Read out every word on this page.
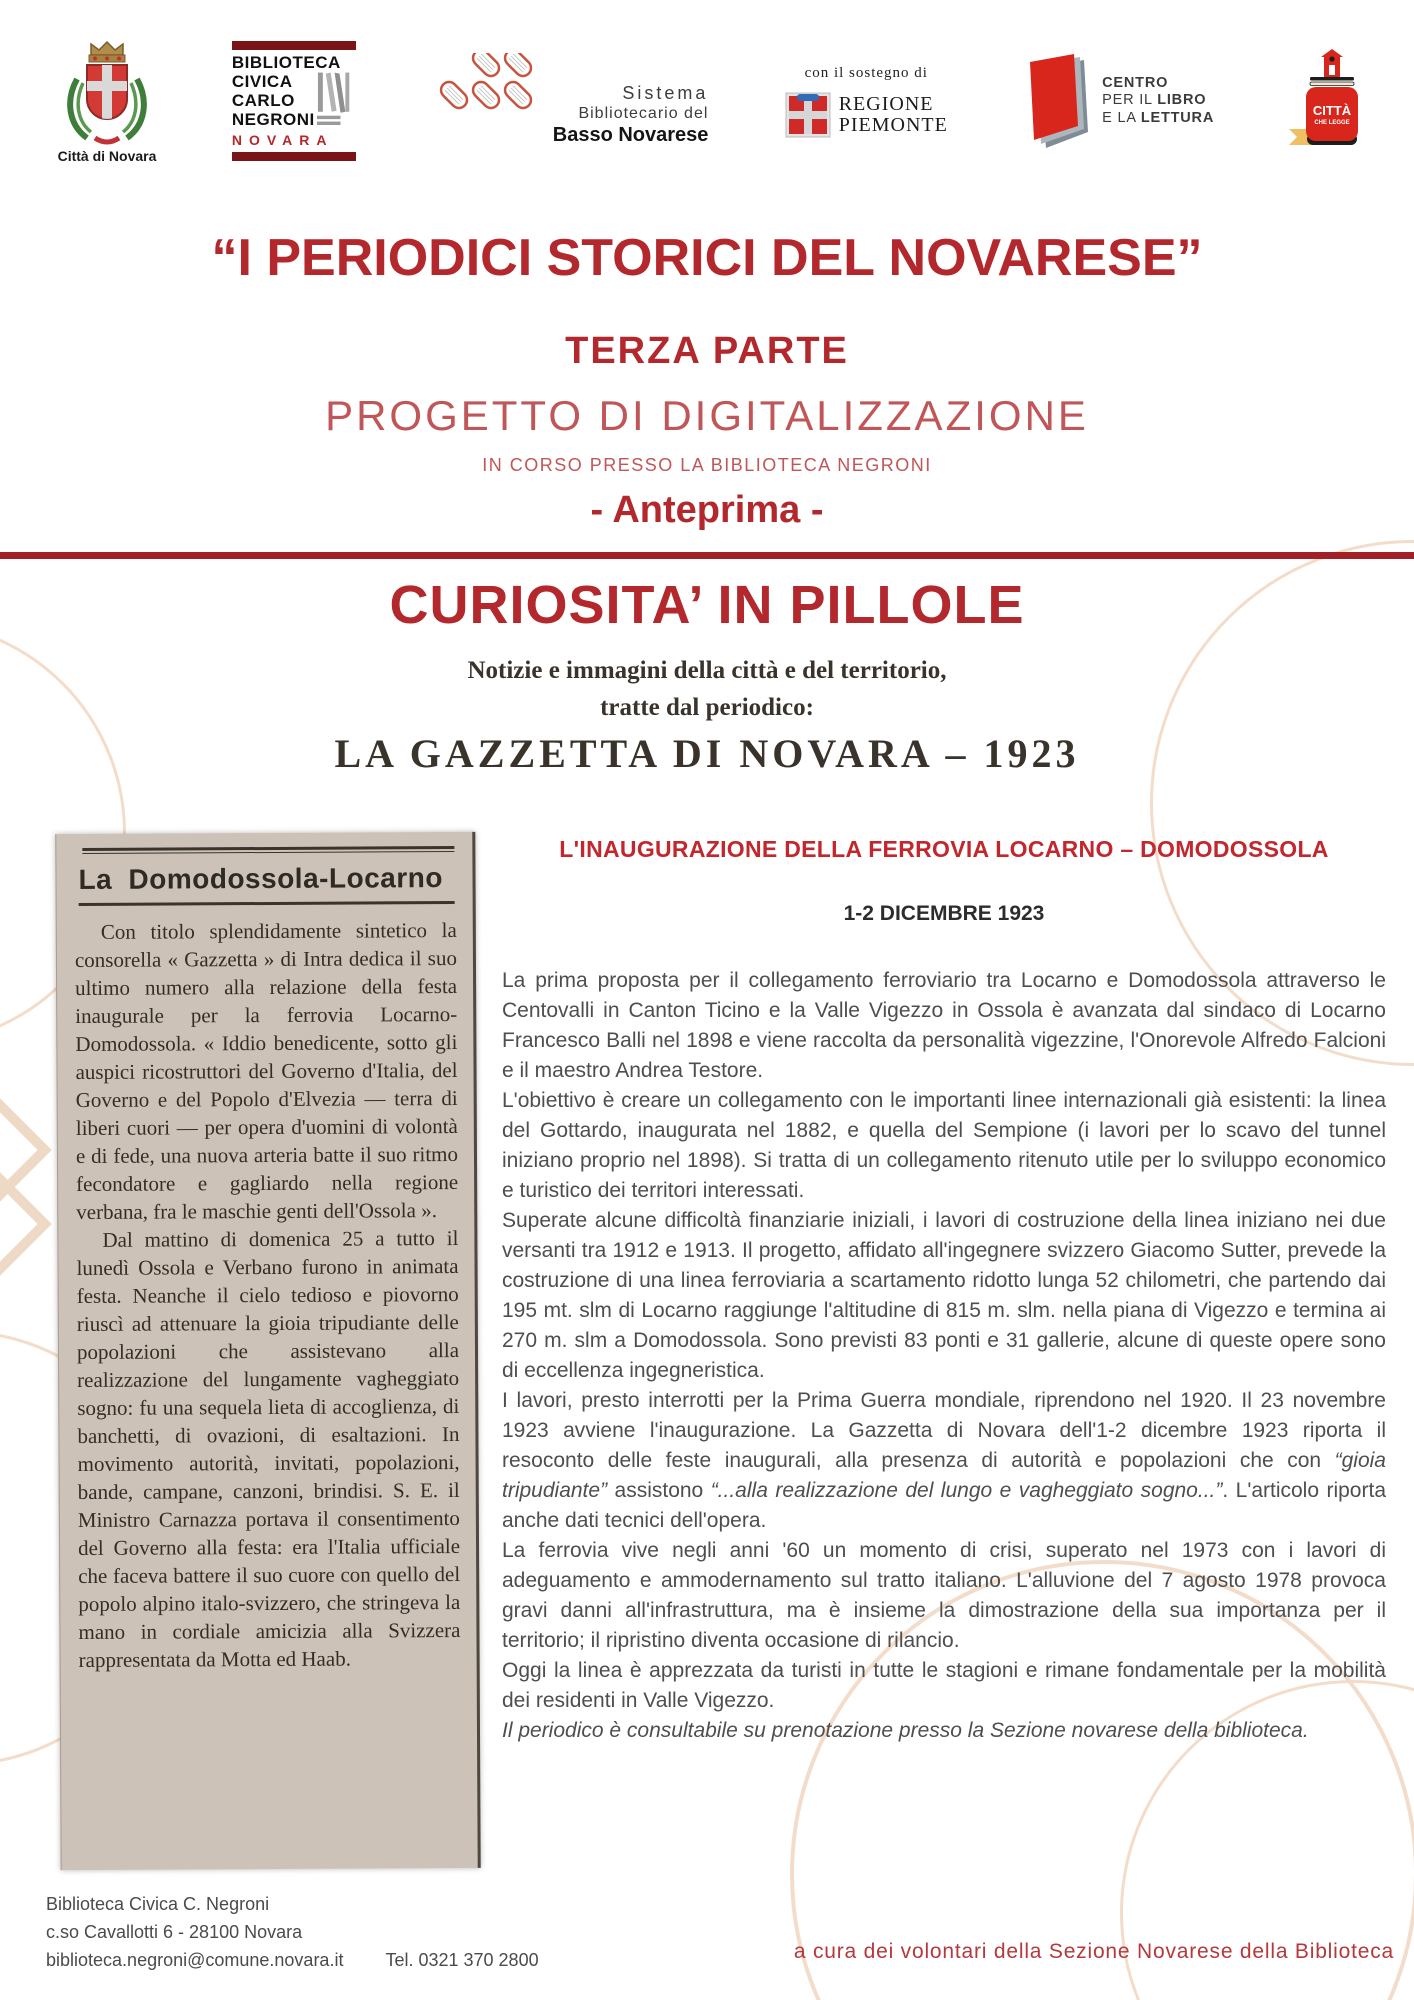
Città di Novara
BIBLIOTECA
CIVICA
CARLO
NEGRONI
NOVARA
Sistema
Bibliotecario del
Basso Novarese
con il sostegno di
REGIONE
PIEMONTE
CENTRO
PER IL LIBRO
E LA LETTURA	CITTÀ
CHE LEGGE
“I PERIODICI STORICI DEL NOVARESE”
TERZA PARTE
PROGETTO DI DIGITALIZZAZIONE
IN CORSO PRESSO LA BIBLIOTECA NEGRONI
- Anteprima -
CURIOSITA’ IN PILLOLE
Notizie e immagini della città e del territorio,
tratte dal periodico:
LA GAZZETTA DI NOVARA – 1923
La Domodossola-Locarno

Con titolo splendidamente sintetico la consorella « Gazzetta » di Intra dedica il suo ultimo numero alla relazione della festa inaugurale per la ferrovia Locarno-Domodossola. « Iddio benedicente, sotto gli auspici ricostruttori del Governo d'Italia, del Governo e del Popolo d'Elvezia — terra di liberi cuori — per opera d'uomini di volontà e di fede, una nuova arteria batte il suo ritmo fecondatore e gagliardo nella regione verbana, fra le maschie genti dell'Ossola ».

Dal mattino di domenica 25 a tutto il lunedì Ossola e Verbano furono in animata festa. Neanche il cielo tedioso e piovorno riuscì ad attenuare la gioia tripudiante delle popolazioni che assistevano alla realizzazione del lungamente vagheggiato sogno: fu una sequela lieta di accoglienza, di banchetti, di ovazioni, di esaltazioni. In movimento autorità, invitati, popolazioni, bande, campane, canzoni, brindisi. S. E. il Ministro Carnazza portava il consentimento del Governo alla festa: era l'Italia ufficiale che faceva battere il suo cuore con quello del popolo alpino italo-svizzero, che stringeva la mano in cordiale amicizia alla Svizzera rappresentata da Motta ed Haab.

L'INAUGURAZIONE DELLA FERROVIA LOCARNO – DOMODOSSOLA
1-2 DICEMBRE 1923

La prima proposta per il collegamento ferroviario tra Locarno e Domodossola attraverso le Centovalli in Canton Ticino e la Valle Vigezzo in Ossola è avanzata dal sindaco di Locarno Francesco Balli nel 1898 e viene raccolta da personalità vigezzine, l'Onorevole Alfredo Falcioni e il maestro Andrea Testore.

L'obiettivo è creare un collegamento con le importanti linee internazionali già esistenti: la linea del Gottardo, inaugurata nel 1882, e quella del Sempione (i lavori per lo scavo del tunnel iniziano proprio nel 1898). Si tratta di un collegamento ritenuto utile per lo sviluppo economico e turistico dei territori interessati.

Superate alcune difficoltà finanziarie iniziali, i lavori di costruzione della linea iniziano nei due versanti tra 1912 e 1913. Il progetto, affidato all'ingegnere svizzero Giacomo Sutter, prevede la costruzione di una linea ferroviaria a scartamento ridotto lunga 52 chilometri, che partendo dai 195 mt. slm di Locarno raggiunge l'altitudine di 815 m. slm. nella piana di Vigezzo e termina ai 270 m. slm a Domodossola. Sono previsti 83 ponti e 31 gallerie, alcune di queste opere sono di eccellenza ingegneristica.

I lavori, presto interrotti per la Prima Guerra mondiale, riprendono nel 1920. Il 23 novembre 1923 avviene l'inaugurazione. La Gazzetta di Novara dell'1-2 dicembre 1923 riporta il resoconto delle feste inaugurali, alla presenza di autorità e popolazioni che con “gioia tripudiante” assistono “...alla realizzazione del lungo e vagheggiato sogno...”. L'articolo riporta anche dati tecnici dell'opera.

La ferrovia vive negli anni '60 un momento di crisi, superato nel 1973 con i lavori di adeguamento e ammodernamento sul tratto italiano. L'alluvione del 7 agosto 1978 provoca gravi danni all'infrastruttura, ma è insieme la dimostrazione della sua importanza per il territorio; il ripristino diventa occasione di rilancio.

Oggi la linea è apprezzata da turisti in tutte le stagioni e rimane fondamentale per la mobilità dei residenti in Valle Vigezzo.

Il periodico è consultabile su prenotazione presso la Sezione novarese della biblioteca.

Biblioteca Civica C. Negroni
c.so Cavallotti 6 - 28100 Novara
biblioteca.negroni@comune.novara.it Tel. 0321 370 2800	a cura dei volontari della Sezione Novarese della Biblioteca
